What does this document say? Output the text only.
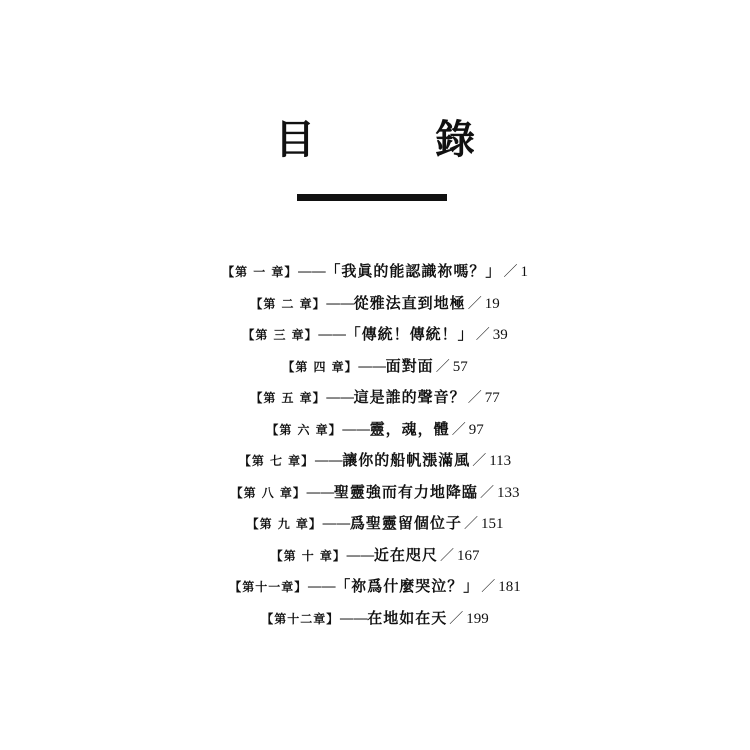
目　錄
【第 一 章】——「我眞的能認識祢嗎？」 ／ 1
【第 二 章】——從雅法直到地極 ／ 19
【第 三 章】——「傳統！傳統！」 ／ 39
【第 四 章】——面對面 ／ 57
【第 五 章】——這是誰的聲音？ ／ 77
【第 六 章】——靈，魂，體 ／ 97
【第 七 章】——讓你的船帆漲滿風 ／ 113
【第 八 章】——聖靈強而有力地降臨 ／ 133
【第 九 章】——爲聖靈留個位子 ／ 151
【第 十 章】——近在咫尺 ／ 167
【第十一章】——「祢爲什麼哭泣？」 ／ 181
【第十二章】——在地如在天 ／ 199
